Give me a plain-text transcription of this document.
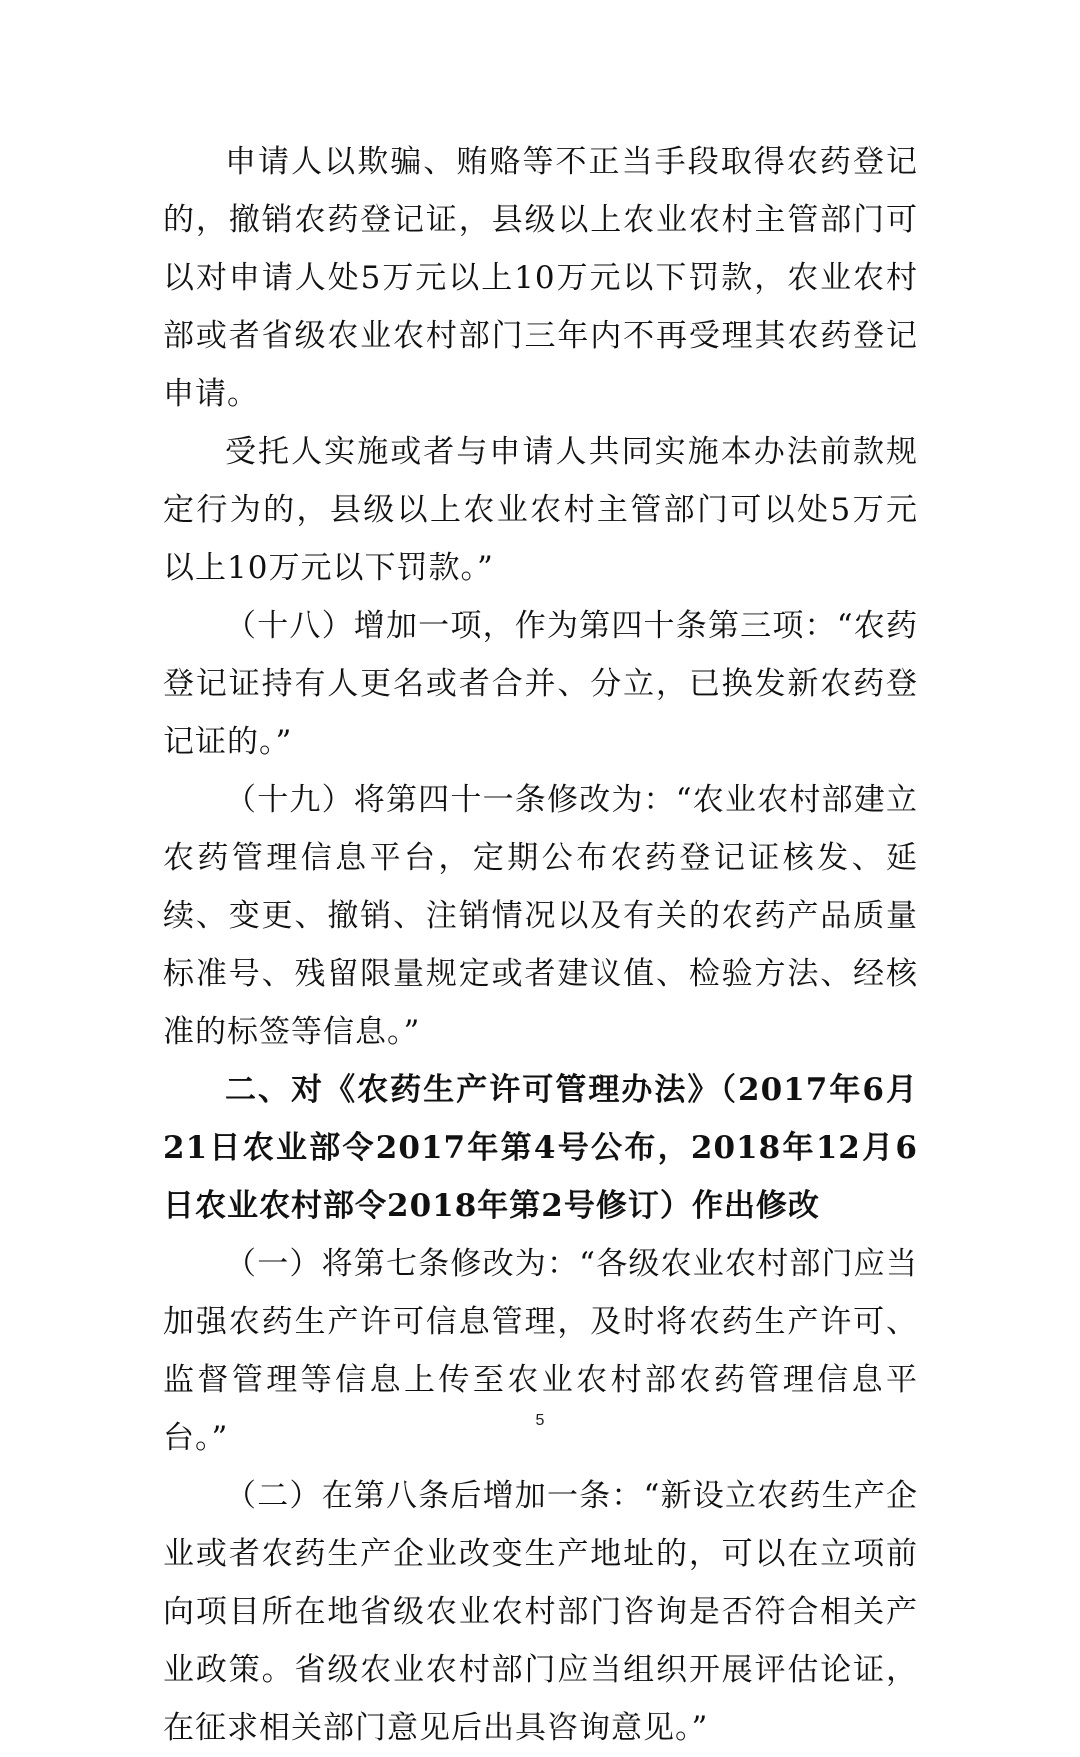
申请人以欺骗、贿赂等不正当手段取得农药登记的，撤销农药登记证，县级以上农业农村主管部门可以对申请人处5万元以上10万元以下罚款，农业农村部或者省级农业农村部门三年内不再受理其农药登记申请。

受托人实施或者与申请人共同实施本办法前款规定行为的，县级以上农业农村主管部门可以处5万元以上10万元以下罚款。”

（十八）增加一项，作为第四十条第三项：“农药登记证持有人更名或者合并、分立，已换发新农药登记证的。”

（十九）将第四十一条修改为：“农业农村部建立农药管理信息平台，定期公布农药登记证核发、延续、变更、撤销、注销情况以及有关的农药产品质量标准号、残留限量规定或者建议值、检验方法、经核准的标签等信息。”

二、对《农药生产许可管理办法》（2017年6月21日农业部令2017年第4号公布，2018年12月6日农业农村部令2018年第2号修订）作出修改

（一）将第七条修改为：“各级农业农村部门应当加强农药生产许可信息管理，及时将农药生产许可、监督管理等信息上传至农业农村部农药管理信息平台。”

（二）在第八条后增加一条：“新设立农药生产企业或者农药生产企业改变生产地址的，可以在立项前向项目所在地省级农业农村部门咨询是否符合相关产业政策。省级农业农村部门应当组织开展评估论证，在征求相关部门意见后出具咨询意见。”

5
